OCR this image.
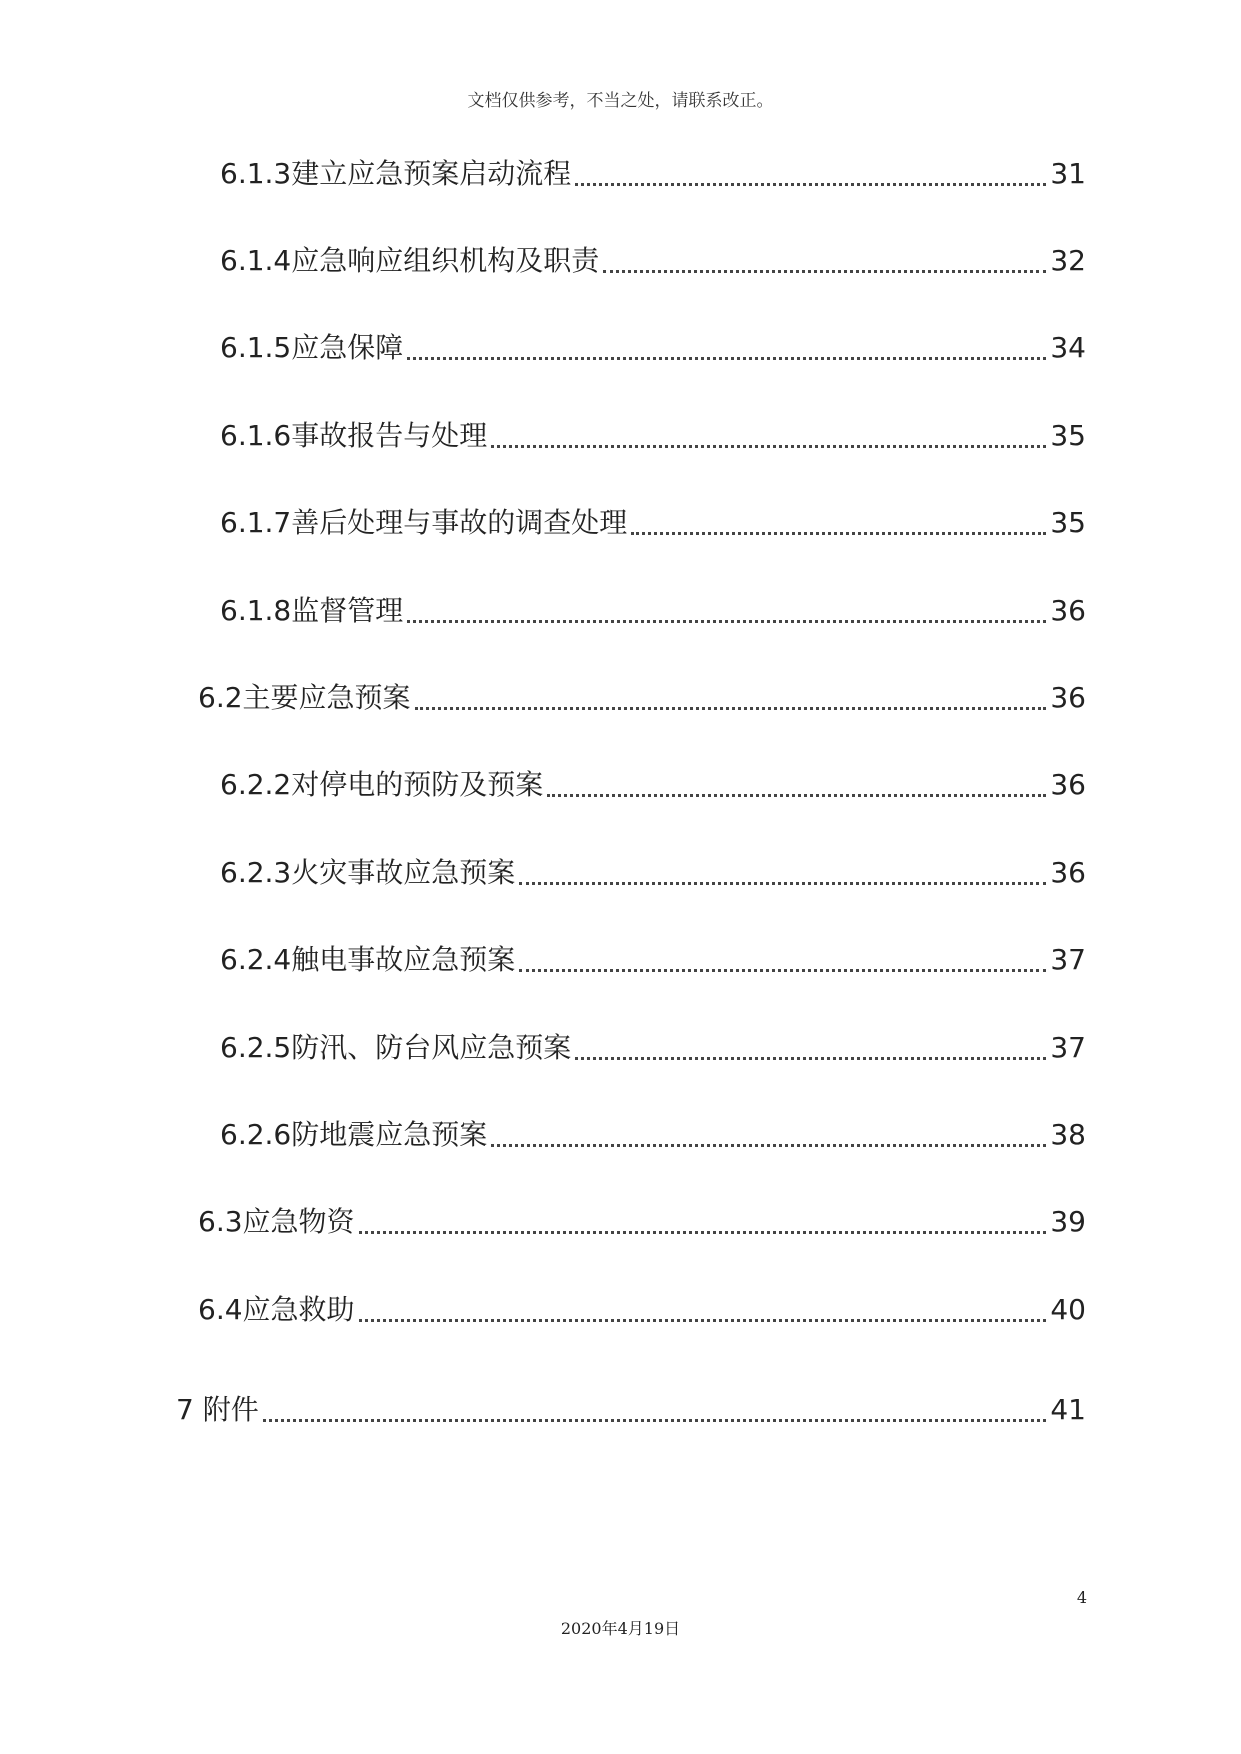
文档仅供参考，不当之处，请联系改正。
6.1.3建立应急预案启动流程	31
6.1.4应急响应组织机构及职责	32
6.1.5应急保障	34
6.1.6事故报告与处理	35
6.1.7善后处理与事故的调查处理	35
6.1.8监督管理	36
6.2主要应急预案	36
6.2.2对停电的预防及预案	36
6.2.3火灾事故应急预案	36
6.2.4触电事故应急预案	37
6.2.5防汛、防台风应急预案	37
6.2.6防地震应急预案	38
6.3应急物资	39
6.4应急救助	40
7 附件	41
4
2020年4月19日
